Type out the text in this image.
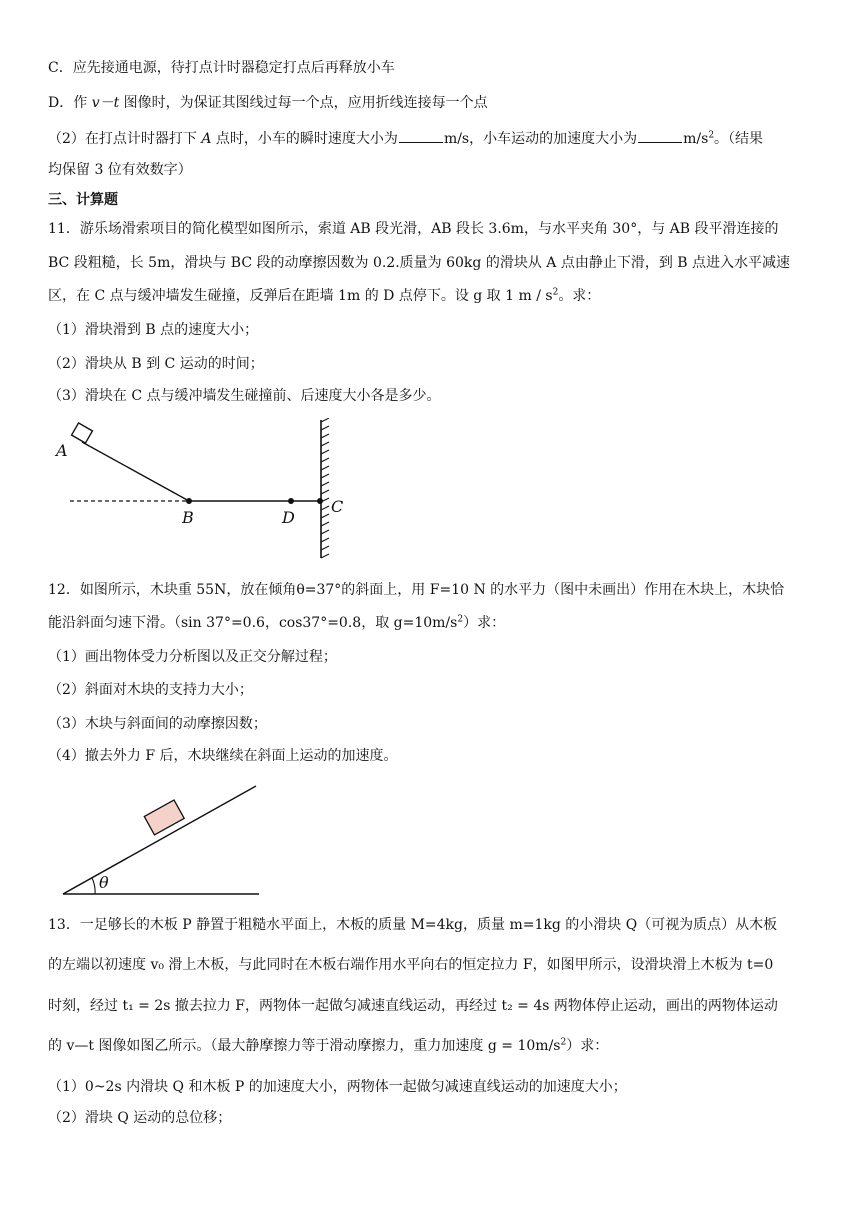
C．应先接通电源，待打点计时器稳定打点后再释放小车
D．作 v－t 图像时，为保证其图线过每一个点，应用折线连接每一个点
（2）在打点计时器打下 A 点时，小车的瞬时速度大小为	m/s，小车运动的加速度大小为	$m/s^2$。（结果
均保留 3 位有效数字）
三、计算题
11．游乐场滑索项目的简化模型如图所示，索道 AB 段光滑，AB 段长 3.6m，与水平夹角 30°，与 AB 段平滑连接的
BC 段粗糙，长 5m，滑块与 BC 段的动摩擦因数为 0.2.质量为 60kg 的滑块从 A 点由静止下滑，到 B 点进入水平减速
区，在 C 点与缓冲墙发生碰撞，反弹后在距墙 1m 的 D 点停下。设 g 取 1 m / $s^2$。求：
（1）滑块滑到 B 点的速度大小；
（2）滑块从 B 到 C 运动的时间；
（3）滑块在 C 点与缓冲墙发生碰撞前、后速度大小各是多少。
A
B	D
C
12．如图所示，木块重 55N，放在倾角θ=37°的斜面上，用 F=10 N 的水平力（图中未画出）作用在木块上，木块恰
能沿斜面匀速下滑。（sin 37°=0.6，cos37°=0.8，取 $g=10m/s^2$）求：
（1）画出物体受力分析图以及正交分解过程；
（2）斜面对木块的支持力大小；
（3）木块与斜面间的动摩擦因数；
（4）撤去外力 F 后，木块继续在斜面上运动的加速度。
θ
13．一足够长的木板 P 静置于粗糙水平面上，木板的质量 M=4kg，质量 m=1kg 的小滑块 Q（可视为质点）从木板
的左端以初速度 v₀ 滑上木板，与此同时在木板右端作用水平向右的恒定拉力 F，如图甲所示，设滑块滑上木板为 t=0
时刻，经过 t₁ = 2s 撤去拉力 F，两物体一起做匀减速直线运动，再经过 t₂ = 4s 两物体停止运动，画出的两物体运动
的 v—t 图像如图乙所示。（最大静摩擦力等于滑动摩擦力，重力加速度 $g = 10m/s^2$）求：
（1）0~2s 内滑块 Q 和木板 P 的加速度大小，两物体一起做匀减速直线运动的加速度大小；
（2）滑块 Q 运动的总位移；
